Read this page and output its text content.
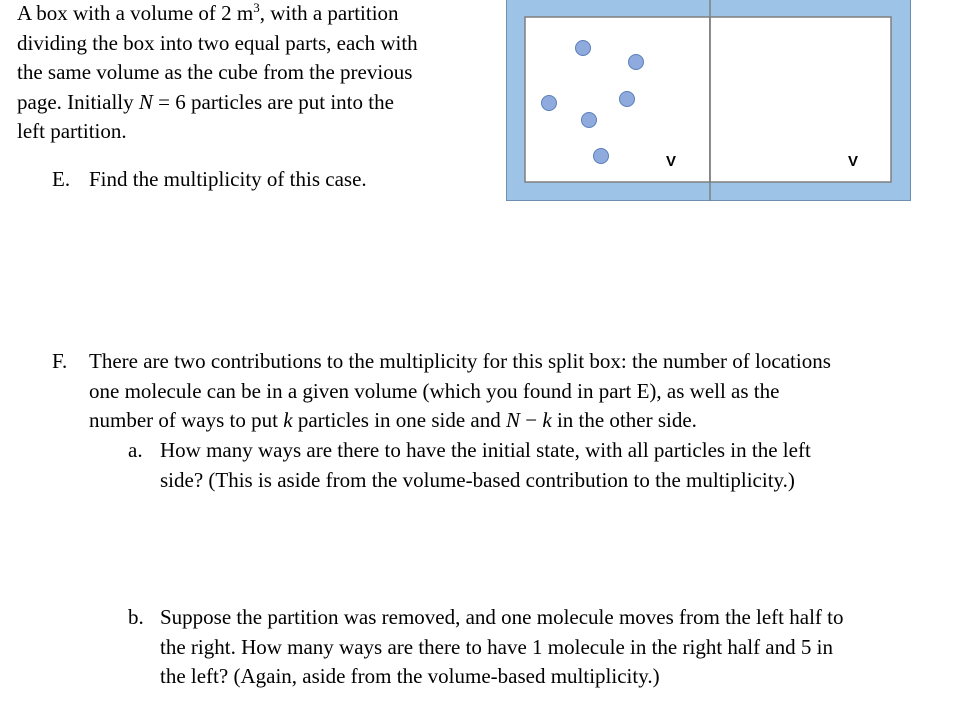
A box with a volume of 2 $m^3$, with a partition
dividing the box into two equal parts, each with
the same volume as the cube from the previous
page. Initially N = 6 particles are put into the
left partition.
V	V
E. Find the multiplicity of this case.
F. There are two contributions to the multiplicity for this split box: the number of locations
one molecule can be in a given volume (which you found in part E), as well as the
number of ways to put k particles in one side and N − k in the other side.
a. How many ways are there to have the initial state, with all particles in the left
side? (This is aside from the volume-based contribution to the multiplicity.)
b. Suppose the partition was removed, and one molecule moves from the left half to
the right. How many ways are there to have 1 molecule in the right half and 5 in
the left? (Again, aside from the volume-based multiplicity.)
